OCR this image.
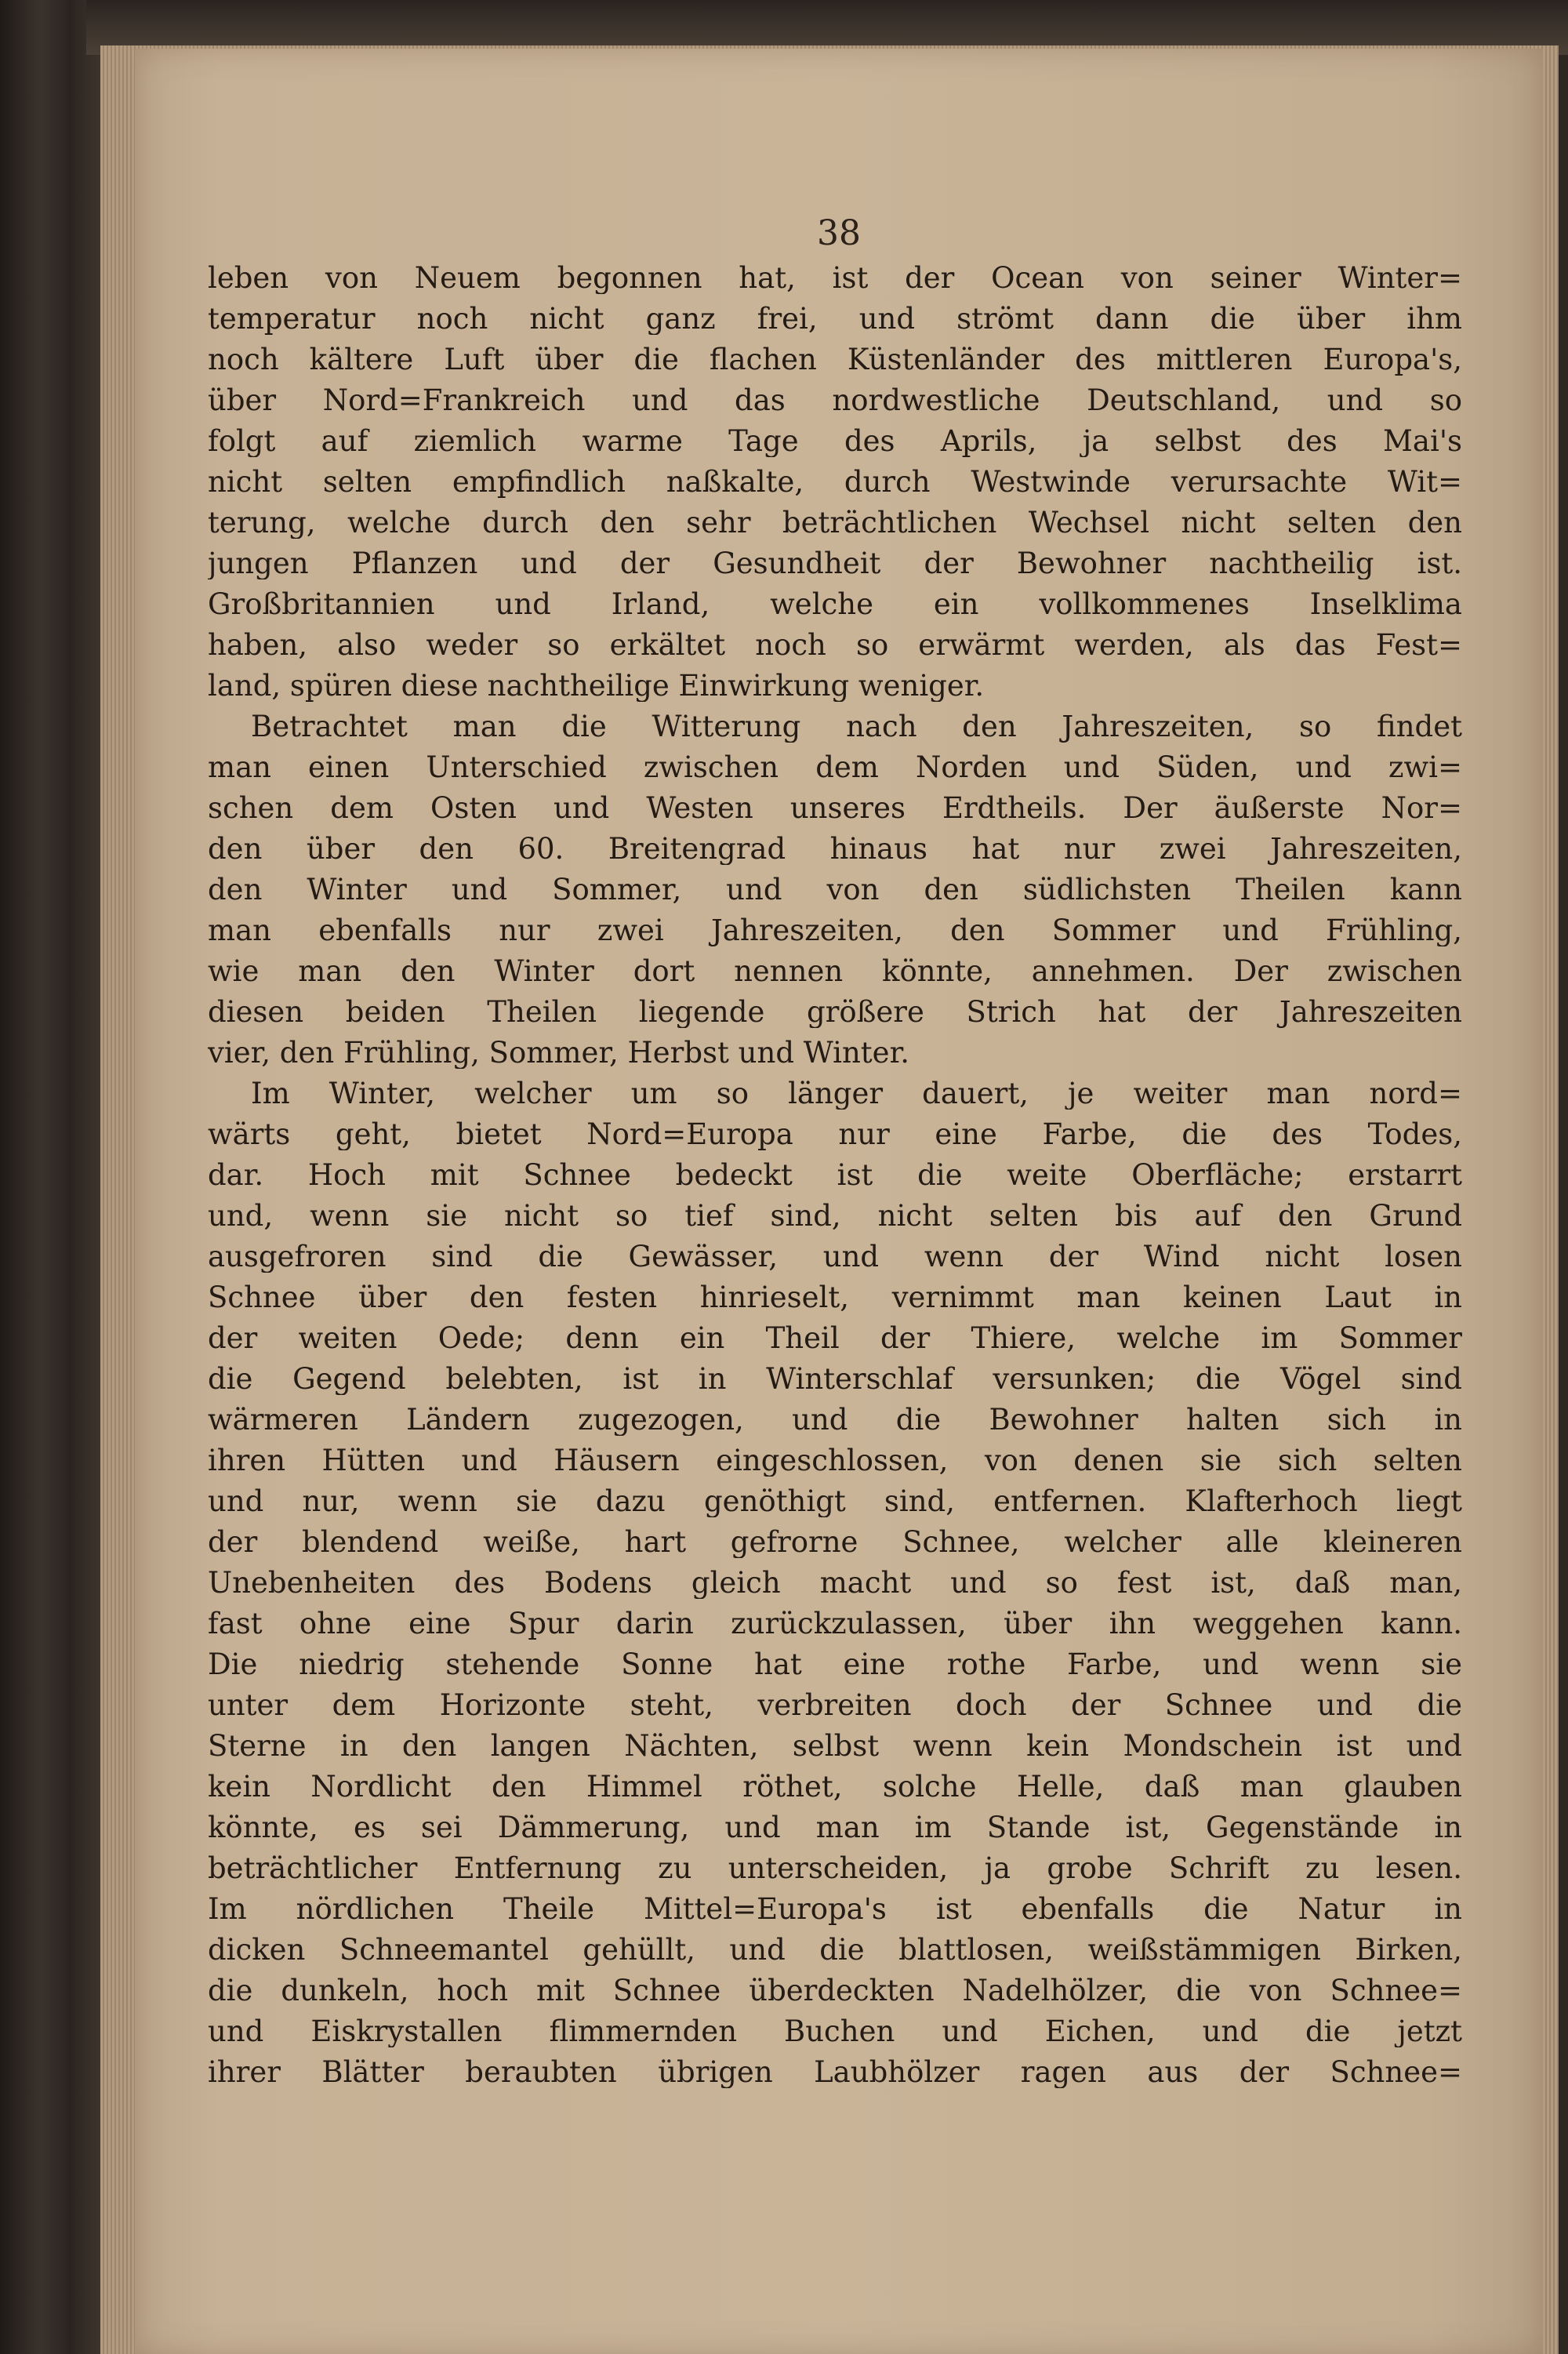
38
leben von Neuem begonnen hat, ist der Ocean von seiner Winter=
temperatur noch nicht ganz frei, und strömt dann die über ihm
noch kältere Luft über die flachen Küstenländer des mittleren Europa's,
über Nord=Frankreich und das nordwestliche Deutschland, und so
folgt auf ziemlich warme Tage des Aprils, ja selbst des Mai's
nicht selten empfindlich naßkalte, durch Westwinde verursachte Wit=
terung, welche durch den sehr beträchtlichen Wechsel nicht selten den
jungen Pflanzen und der Gesundheit der Bewohner nachtheilig ist.
Großbritannien und Irland, welche ein vollkommenes Inselklima
haben, also weder so erkältet noch so erwärmt werden, als das Fest=
land, spüren diese nachtheilige Einwirkung weniger.
Betrachtet man die Witterung nach den Jahreszeiten, so findet
man einen Unterschied zwischen dem Norden und Süden, und zwi=
schen dem Osten und Westen unseres Erdtheils. Der äußerste Nor=
den über den 60. Breitengrad hinaus hat nur zwei Jahreszeiten,
den Winter und Sommer, und von den südlichsten Theilen kann
man ebenfalls nur zwei Jahreszeiten, den Sommer und Frühling,
wie man den Winter dort nennen könnte, annehmen. Der zwischen
diesen beiden Theilen liegende größere Strich hat der Jahreszeiten
vier, den Frühling, Sommer, Herbst und Winter.
Im Winter, welcher um so länger dauert, je weiter man nord=
wärts geht, bietet Nord=Europa nur eine Farbe, die des Todes,
dar. Hoch mit Schnee bedeckt ist die weite Oberfläche; erstarrt
und, wenn sie nicht so tief sind, nicht selten bis auf den Grund
ausgefroren sind die Gewässer, und wenn der Wind nicht losen
Schnee über den festen hinrieselt, vernimmt man keinen Laut in
der weiten Oede; denn ein Theil der Thiere, welche im Sommer
die Gegend belebten, ist in Winterschlaf versunken; die Vögel sind
wärmeren Ländern zugezogen, und die Bewohner halten sich in
ihren Hütten und Häusern eingeschlossen, von denen sie sich selten
und nur, wenn sie dazu genöthigt sind, entfernen. Klafterhoch liegt
der blendend weiße, hart gefrorne Schnee, welcher alle kleineren
Unebenheiten des Bodens gleich macht und so fest ist, daß man,
fast ohne eine Spur darin zurückzulassen, über ihn weggehen kann.
Die niedrig stehende Sonne hat eine rothe Farbe, und wenn sie
unter dem Horizonte steht, verbreiten doch der Schnee und die
Sterne in den langen Nächten, selbst wenn kein Mondschein ist und
kein Nordlicht den Himmel röthet, solche Helle, daß man glauben
könnte, es sei Dämmerung, und man im Stande ist, Gegenstände in
beträchtlicher Entfernung zu unterscheiden, ja grobe Schrift zu lesen.
Im nördlichen Theile Mittel=Europa's ist ebenfalls die Natur in
dicken Schneemantel gehüllt, und die blattlosen, weißstämmigen Birken,
die dunkeln, hoch mit Schnee überdeckten Nadelhölzer, die von Schnee=
und Eiskrystallen flimmernden Buchen und Eichen, und die jetzt
ihrer Blätter beraubten übrigen Laubhölzer ragen aus der Schnee=
